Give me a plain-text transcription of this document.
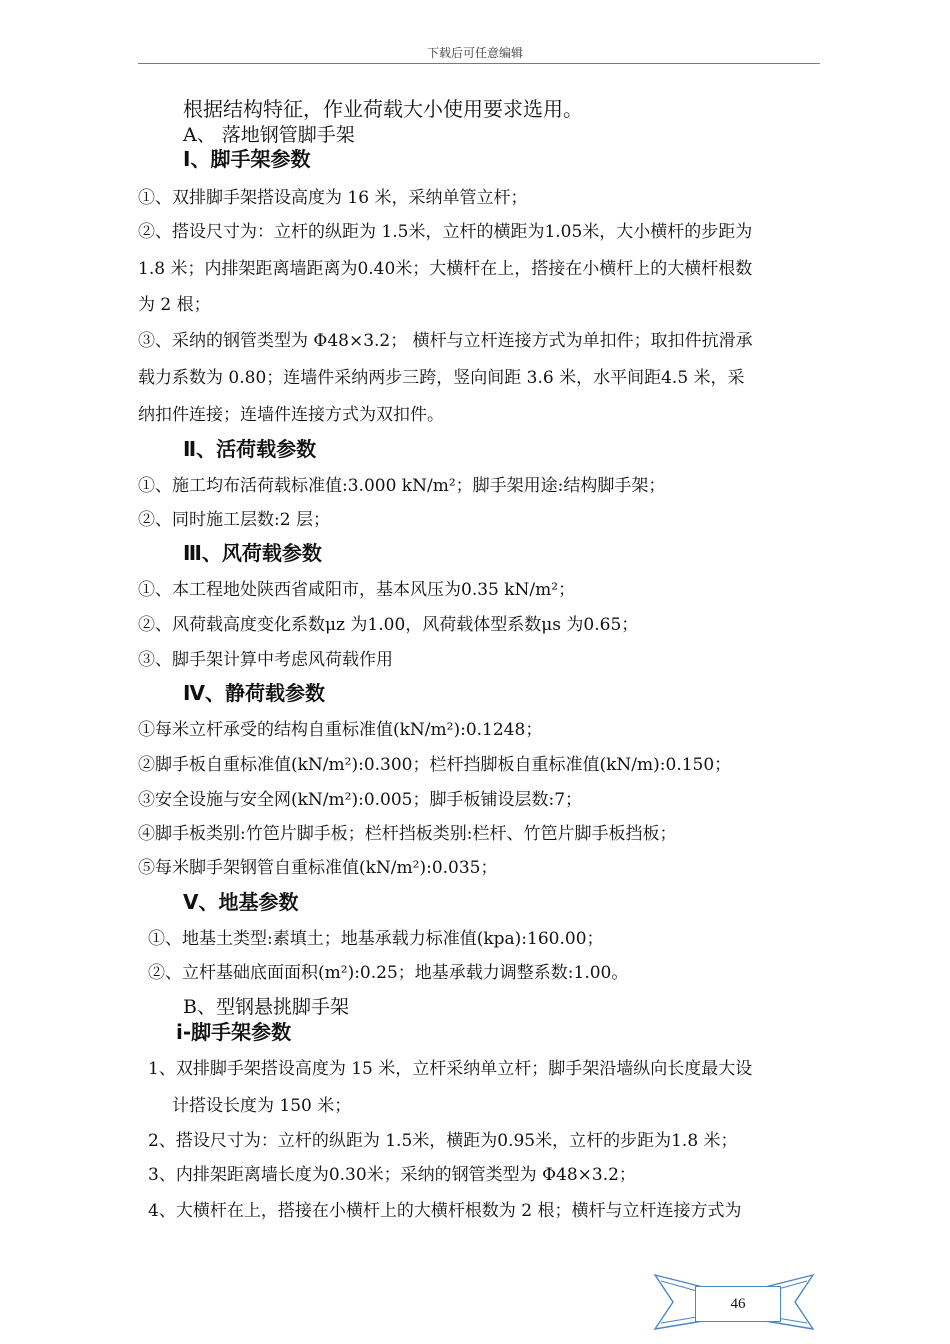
下载后可任意编辑
根据结构特征，作业荷载大小使用要求选用。
A、 落地钢管脚手架
Ⅰ、脚手架参数
①、双排脚手架搭设高度为 16 米，采纳单管立杆；
②、搭设尺寸为：立杆的纵距为 1.5米，立杆的横距为1.05米，大小横杆的步距为
1.8 米；内排架距离墙距离为0.40米；大横杆在上，搭接在小横杆上的大横杆根数
为 2 根；
③、采纳的钢管类型为 Φ48×3.2； 横杆与立杆连接方式为单扣件；取扣件抗滑承
载力系数为 0.80；连墙件采纳两步三跨，竖向间距 3.6 米，水平间距4.5 米，采
纳扣件连接；连墙件连接方式为双扣件。
Ⅱ、活荷载参数
①、施工均布活荷载标准值:3.000 kN/m²；脚手架用途:结构脚手架；
②、同时施工层数:2 层；
Ⅲ、风荷载参数
①、本工程地处陕西省咸阳市，基本风压为0.35 kN/m²；
②、风荷载高度变化系数μz 为1.00，风荷载体型系数μs 为0.65；
③、脚手架计算中考虑风荷载作用
Ⅳ、静荷载参数
①每米立杆承受的结构自重标准值(kN/m²):0.1248；
②脚手板自重标准值(kN/m²):0.300；栏杆挡脚板自重标准值(kN/m):0.150；
③安全设施与安全网(kN/m²):0.005；脚手板铺设层数:7；
④脚手板类别:竹笆片脚手板；栏杆挡板类别:栏杆、竹笆片脚手板挡板；
⑤每米脚手架钢管自重标准值(kN/m²):0.035；
Ⅴ、地基参数
①、地基土类型:素填土；地基承载力标准值(kpa):160.00；
②、立杆基础底面面积(m²):0.25；地基承载力调整系数:1.00。
B、型钢悬挑脚手架
i-脚手架参数
1、双排脚手架搭设高度为 15 米，立杆采纳单立杆；脚手架沿墙纵向长度最大设
计搭设长度为 150 米；
2、搭设尺寸为：立杆的纵距为 1.5米，横距为0.95米，立杆的步距为1.8 米；
3、内排架距离墙长度为0.30米；采纳的钢管类型为 Φ48×3.2；
4、大横杆在上，搭接在小横杆上的大横杆根数为 2 根；横杆与立杆连接方式为
46
